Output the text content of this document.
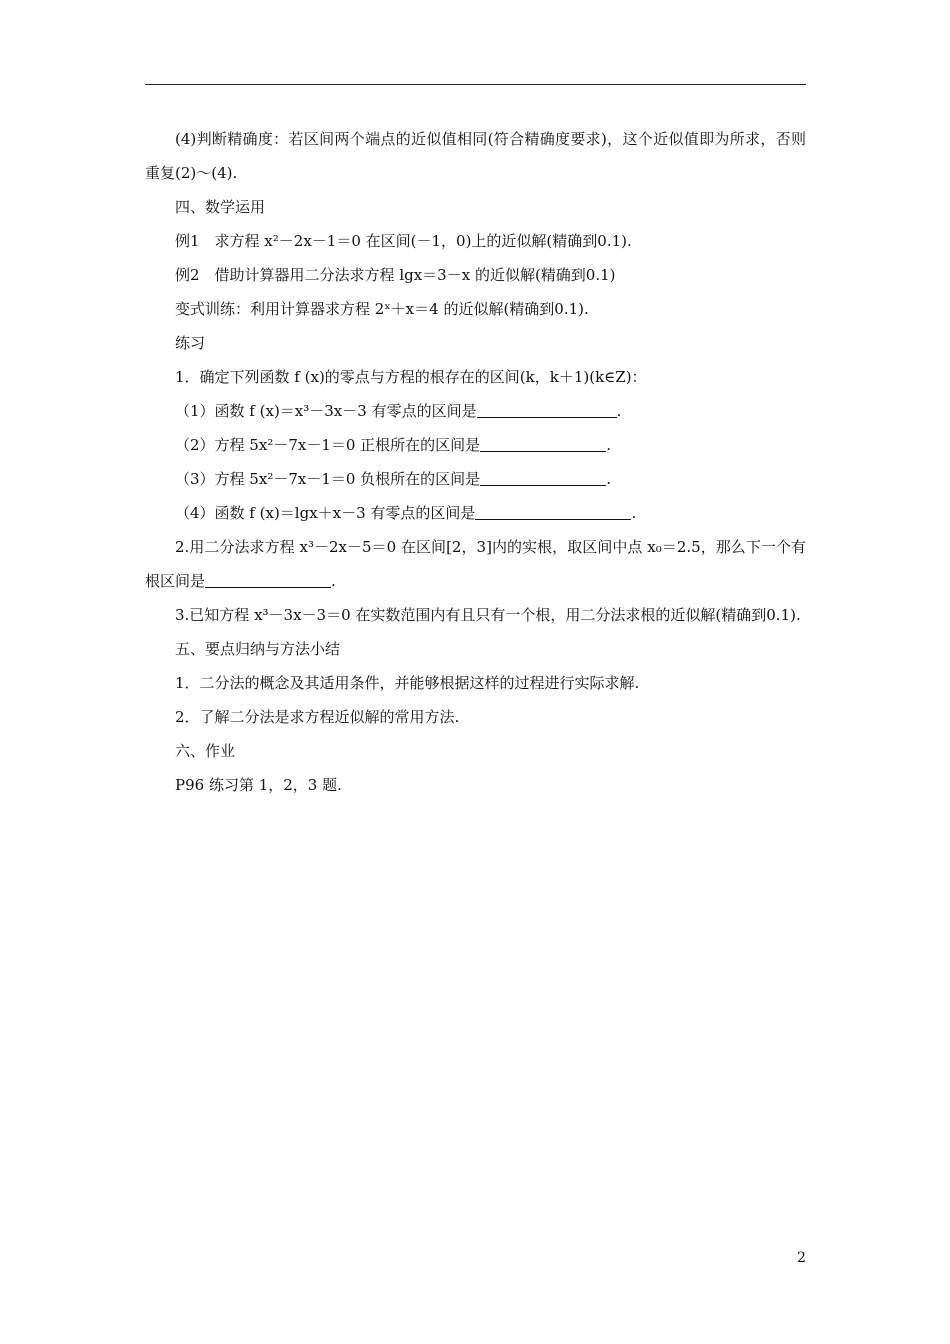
(4)判断精确度：若区间两个端点的近似值相同(符合精确度要求)，这个近似值即为所求，否则重复(2)～(4).

四、数学运用

例1　求方程 x²－2x－1＝0 在区间(－1，0)上的近似解(精确到0.1).

例2　借助计算器用二分法求方程 lgx＝3－x 的近似解(精确到0.1)

变式训练：利用计算器求方程 2ˣ＋x＝4 的近似解(精确到0.1).

练习

1．确定下列函数 f (x)的零点与方程的根存在的区间(k，k＋1)(k∈Z)：

（1）函数 f (x)＝x³－3x－3 有零点的区间是	.

（2）方程 5x²－7x－1＝0 正根所在的区间是	.

（3）方程 5x²－7x－1＝0 负根所在的区间是	.

（4）函数 f (x)＝lgx＋x－3 有零点的区间是	.

2.用二分法求方程 x³－2x－5＝0 在区间[2，3]内的实根，取区间中点 x₀＝2.5，那么下一个有根区间是	.

3.已知方程 x³－3x－3＝0 在实数范围内有且只有一个根，用二分法求根的近似解(精确到0.1).

五、要点归纳与方法小结

1．二分法的概念及其适用条件，并能够根据这样的过程进行实际求解.

2．了解二分法是求方程近似解的常用方法.

六、作业

P96 练习第 1，2，3 题.

2
